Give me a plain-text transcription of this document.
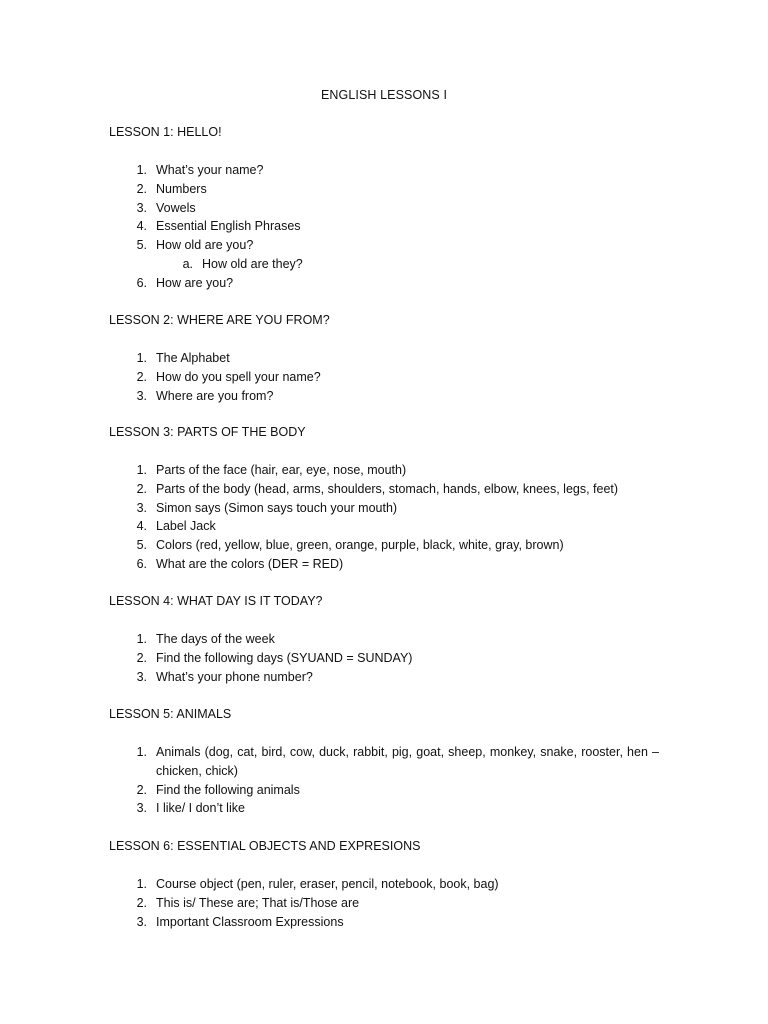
ENGLISH LESSONS I
LESSON 1: HELLO!
1. What’s your name?
2. Numbers
3. Vowels
4. Essential English Phrases
5. How old are you?
a. How old are they?
6. How are you?
LESSON 2: WHERE ARE YOU FROM?
1. The Alphabet
2. How do you spell your name?
3. Where are you from?
LESSON 3: PARTS OF THE BODY
1. Parts of the face (hair, ear, eye, nose, mouth)
2. Parts of the body (head, arms, shoulders, stomach, hands, elbow, knees, legs, feet)
3. Simon says (Simon says touch your mouth)
4. Label Jack
5. Colors (red, yellow, blue, green, orange, purple, black, white, gray, brown)
6. What are the colors (DER = RED)
LESSON 4: WHAT DAY IS IT TODAY?
1. The days of the week
2. Find the following days (SYUAND = SUNDAY)
3. What’s your phone number?
LESSON 5: ANIMALS
1. Animals (dog, cat, bird, cow, duck, rabbit, pig, goat, sheep, monkey, snake, rooster, hen – chicken, chick)
2. Find the following animals
3. I like/ I don’t like
LESSON 6: ESSENTIAL OBJECTS AND EXPRESIONS
1. Course object (pen, ruler, eraser, pencil, notebook, book, bag)
2. This is/ These are; That is/Those are
3. Important Classroom Expressions
